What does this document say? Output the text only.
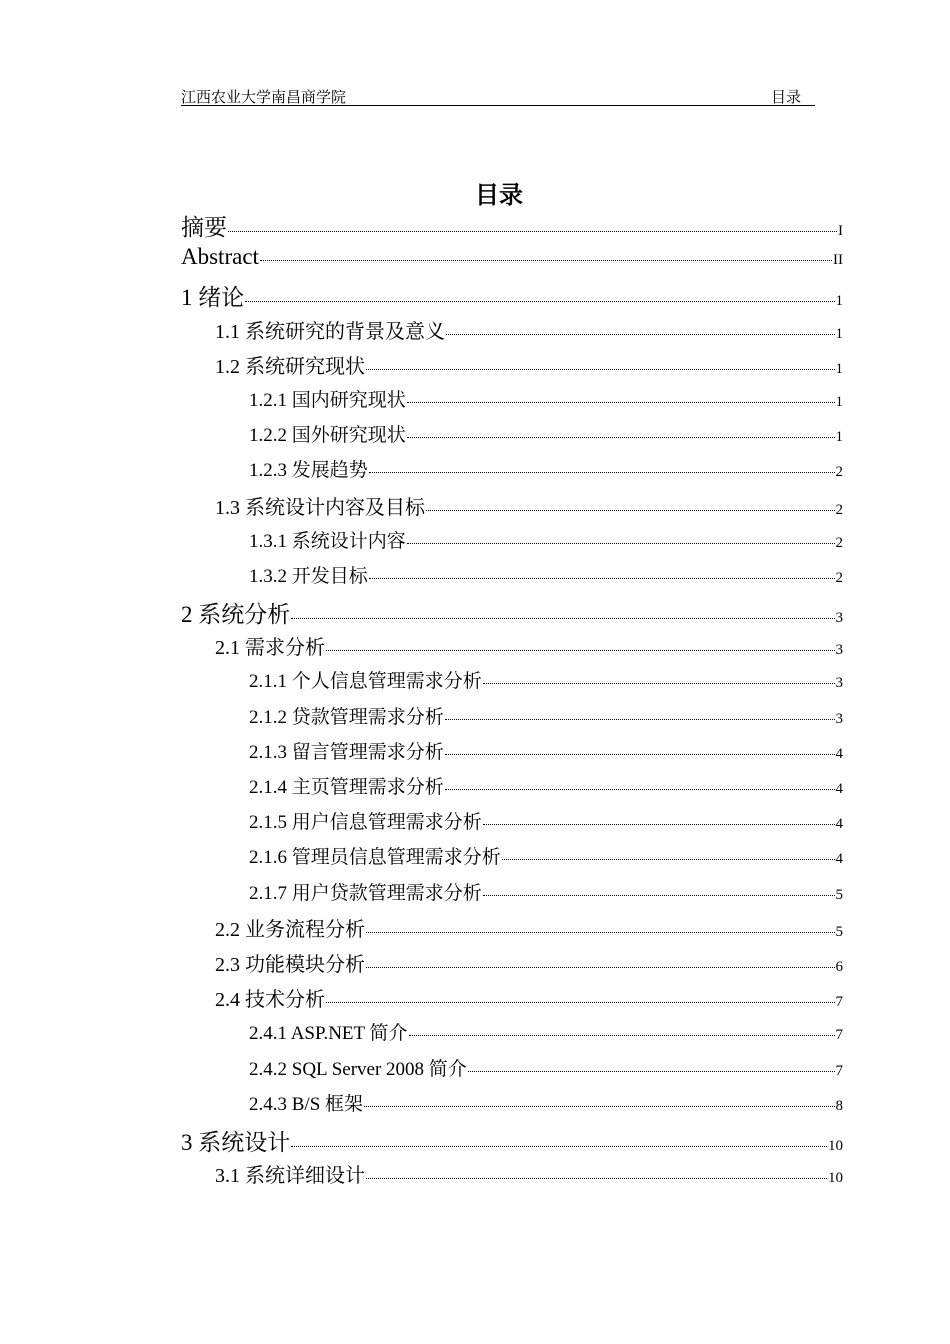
江西农业大学南昌商学院	目录
目录
摘要	I
Abstract	II
1 绪论	1
1.1 系统研究的背景及意义	1
1.2 系统研究现状	1
1.2.1 国内研究现状	1
1.2.2 国外研究现状	1
1.2.3 发展趋势	2
1.3 系统设计内容及目标	2
1.3.1 系统设计内容	2
1.3.2 开发目标	2
2 系统分析	3
2.1 需求分析	3
2.1.1 个人信息管理需求分析	3
2.1.2 贷款管理需求分析	3
2.1.3 留言管理需求分析	4
2.1.4 主页管理需求分析	4
2.1.5 用户信息管理需求分析	4
2.1.6 管理员信息管理需求分析	4
2.1.7 用户贷款管理需求分析	5
2.2 业务流程分析	5
2.3 功能模块分析	6
2.4 技术分析	7
2.4.1 ASP.NET 简介	7
2.4.2 SQL Server 2008 简介	7
2.4.3 B/S 框架	8
3 系统设计	10
3.1 系统详细设计	10
